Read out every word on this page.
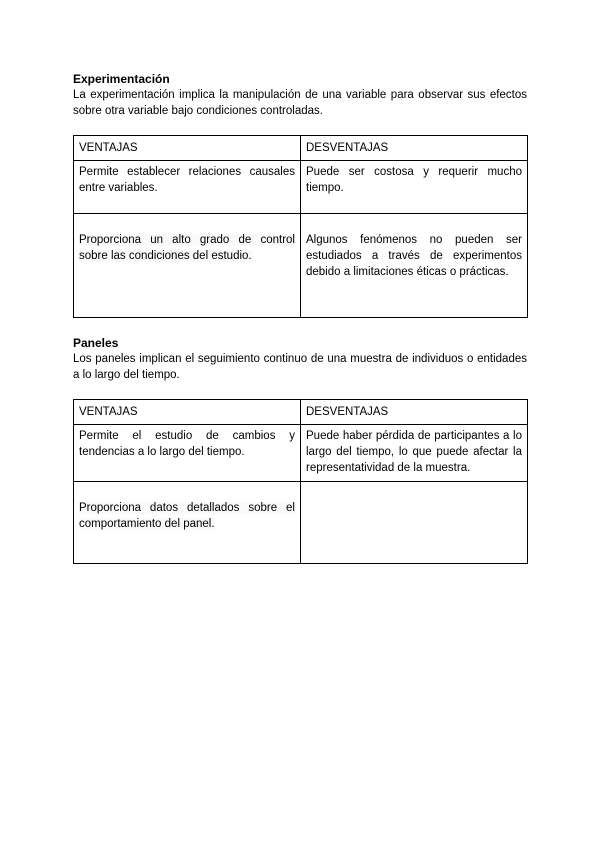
Experimentación

La experimentación implica la manipulación de una variable para observar sus efectos sobre otra variable bajo condiciones controladas.

VENTAJAS	DESVENTAJAS
Permite establecer relaciones causales entre variables.	Puede ser costosa y requerir mucho tiempo.
Proporciona un alto grado de control sobre las condiciones del estudio.	Algunos fenómenos no pueden ser estudiados a través de experimentos debido a limitaciones éticas o prácticas.

Paneles

Los paneles implican el seguimiento continuo de una muestra de individuos o entidades a lo largo del tiempo.

VENTAJAS	DESVENTAJAS
Permite el estudio de cambios y tendencias a lo largo del tiempo.	Puede haber pérdida de participantes a lo largo del tiempo, lo que puede afectar la representatividad de la muestra.
Proporciona datos detallados sobre el comportamiento del panel.	
